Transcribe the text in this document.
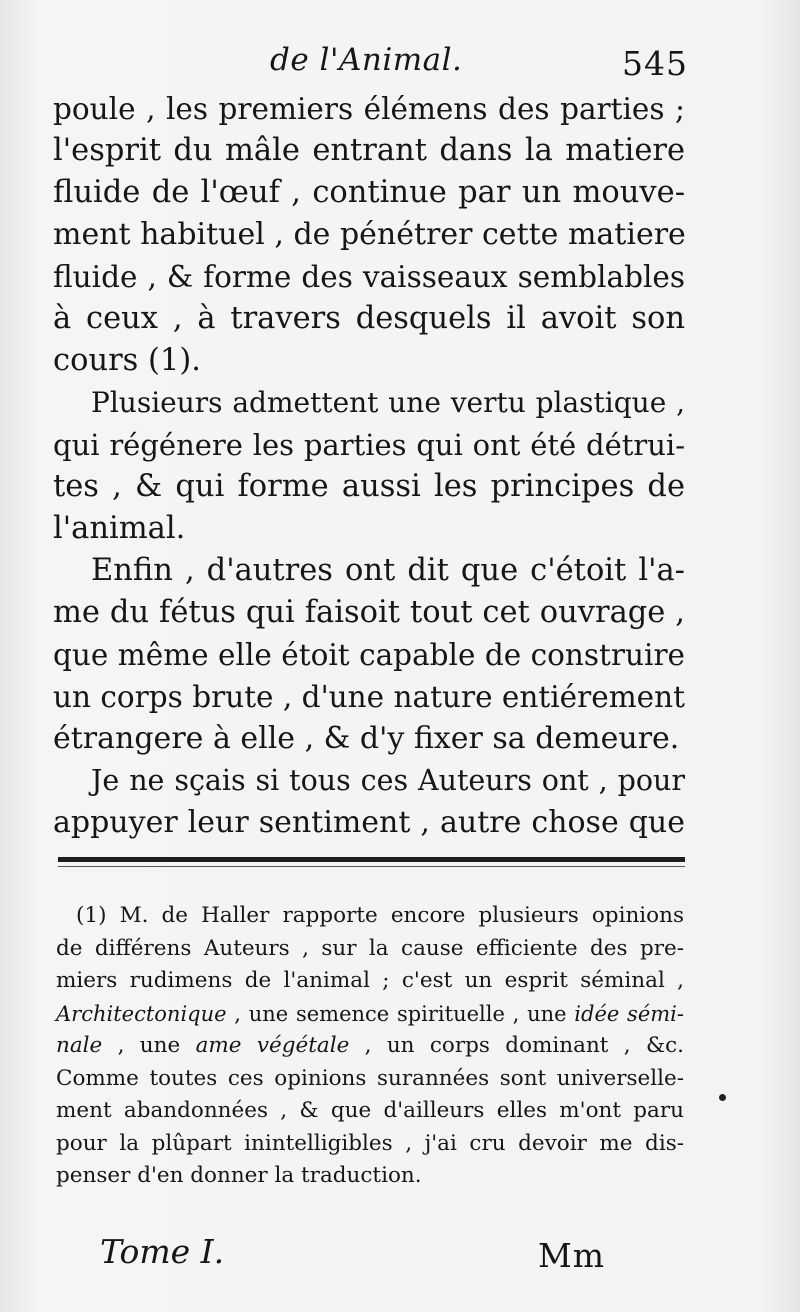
de l'Animal.	545
poule , les premiers élémens des parties ;
l'esprit du mâle entrant dans la matiere
fluide de l'œuf , continue par un mouve-
ment habituel , de pénétrer cette matiere
fluide , & forme des vaisseaux semblables
à ceux , à travers desquels il avoit son
cours (1).
Plusieurs admettent une vertu plastique ,
qui régénere les parties qui ont été détrui-
tes , & qui forme aussi les principes de
l'animal.
Enfin , d'autres ont dit que c'étoit l'a-
me du fétus qui faisoit tout cet ouvrage ,
que même elle étoit capable de construire
un corps brute , d'une nature entiérement
étrangere à elle , & d'y fixer sa demeure.
Je ne sçais si tous ces Auteurs ont , pour
appuyer leur sentiment , autre chose que
(1) M. de Haller rapporte encore plusieurs opinions
de différens Auteurs , sur la cause efficiente des pre-
miers rudimens de l'animal ; c'est un esprit séminal ,
Architectonique , une semence spirituelle , une idée sémi-
nale , une ame végétale , un corps dominant , &c.
Comme toutes ces opinions surannées sont universelle-
ment abandonnées , & que d'ailleurs elles m'ont paru
pour la plûpart inintelligibles , j'ai cru devoir me dis-
penser d'en donner la traduction.
Tome I.	Mm
